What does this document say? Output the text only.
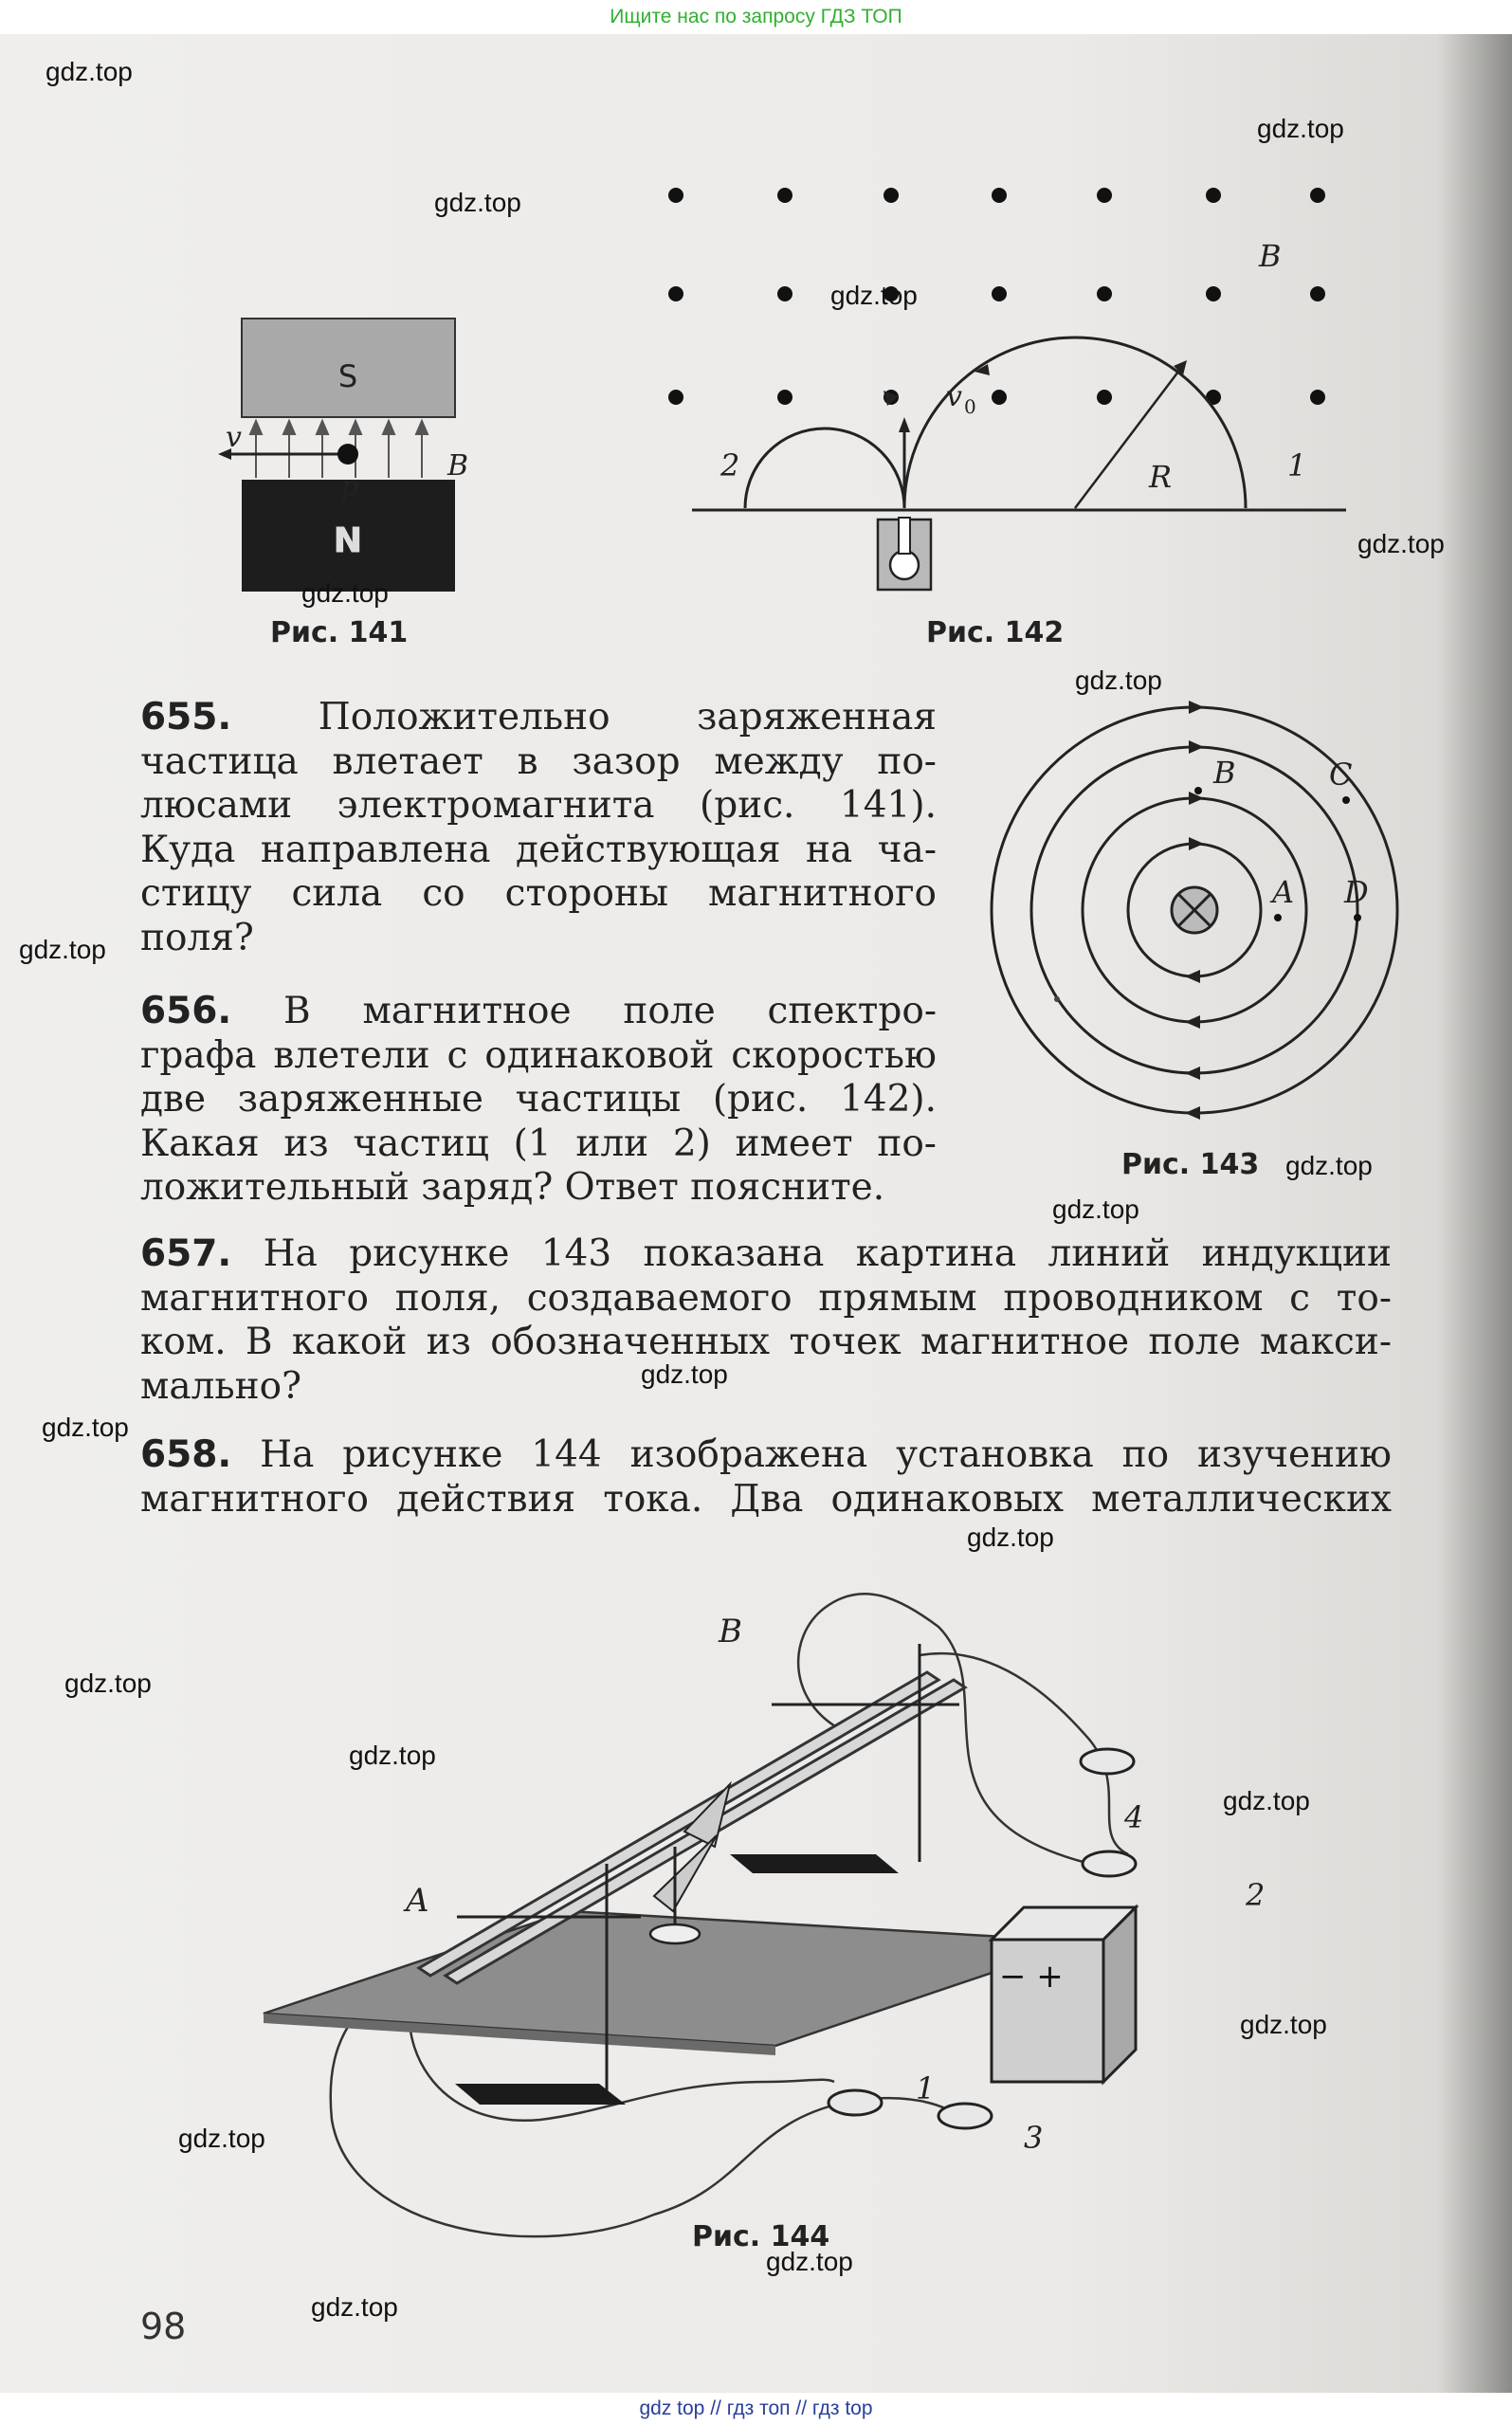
Ищите нас по запросу ГДЗ ТОП
S
N
v
p
B
Рис. 141
B
v 0
R	1
2
Рис. 142
A
B	C
D
Рис. 143
655. Положительно заряженная
частица влетает в зазор между по-
люсами электромагнита (рис. 141).
Куда направлена действующая на ча-
стицу сила со стороны магнитного
поля?
656. В магнитное поле спектро-
графа влетели с одинаковой скоростью
две заряженные частицы (рис. 142).
Какая из частиц (1 или 2) имеет по-
ложительный заряд? Ответ поясните.
657. На рисунке 143 показана картина линий индукции
магнитного поля, создаваемого прямым проводником с то-
ком. В какой из обозначенных точек магнитное поле макси-
мально?
658. На рисунке 144 изображена установка по изучению
магнитного действия тока. Два одинаковых металлических
− +
1
2
3
4
A
B
Рис. 144
98
gdz.top
gdz.top
gdz.top
gdz.top
gdz.top
gdz.top
gdz.top
gdz.top
gdz.top
gdz.top
gdz.top
gdz.top
gdz.top
gdz.top
gdz.top
gdz.top
gdz.top
gdz.top
gdz.top
gdz.top
gdz top // гдз топ // гдз top
